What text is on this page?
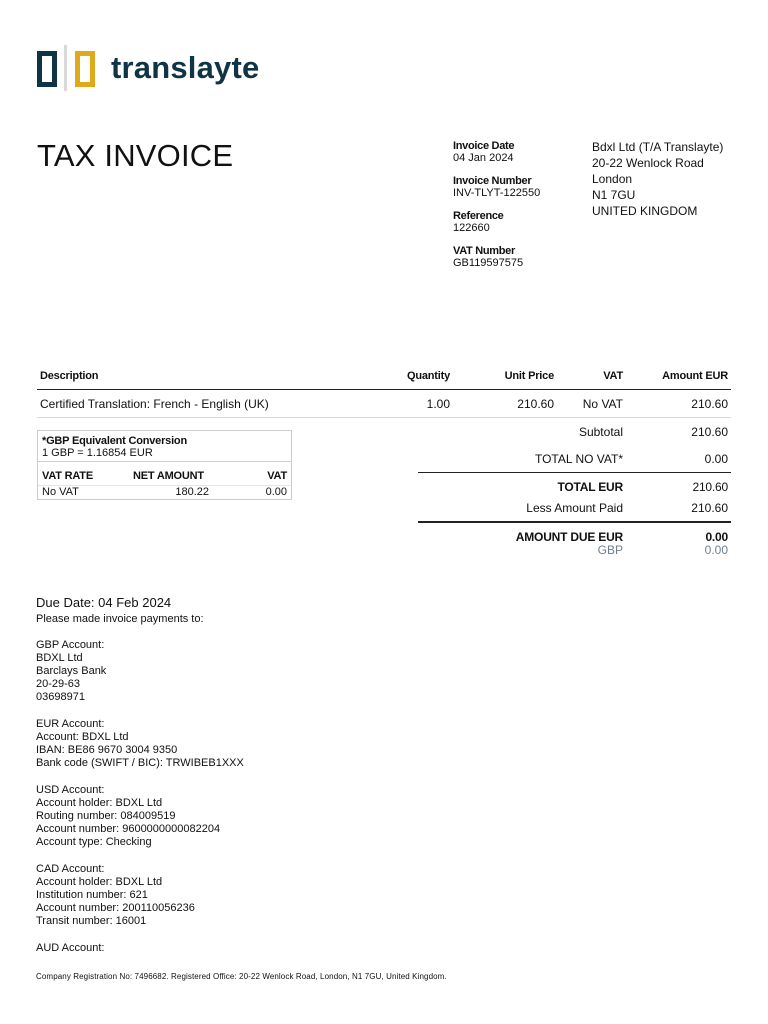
translayte
TAX INVOICE	Invoice Date
04 Jan 2024
Invoice Number
INV-TLYT-122550
Reference
122660
VAT Number
GB119597575
Bdxl Ltd (T/A Translayte)
20-22 Wenlock Road
London
N1 7GU
UNITED KINGDOM
Description	Quantity	Unit Price	VAT	Amount EUR
Certified Translation: French - English (UK)	1.00	210.60 No VAT	210.60
*GBP Equivalent Conversion
1 GBP = 1.16854 EUR
VAT RATE	NET AMOUNT	VAT
No VAT	180.22	0.00
Subtotal	210.60
TOTAL NO VAT*	0.00
TOTAL EUR	210.60
Less Amount Paid	210.60
AMOUNT DUE EUR	0.00
GBP	0.00
Due Date: 04 Feb 2024
Please made invoice payments to:
GBP Account:
BDXL Ltd
Barclays Bank
20-29-63
03698971
EUR Account:
Account: BDXL Ltd
IBAN: BE86 9670 3004 9350
Bank code (SWIFT / BIC): TRWIBEB1XXX
USD Account:
Account holder: BDXL Ltd
Routing number: 084009519
Account number: 9600000000082204
Account type: Checking
CAD Account:
Account holder: BDXL Ltd
Institution number: 621
Account number: 200110056236
Transit number: 16001
AUD Account:
Company Registration No: 7496682. Registered Office: 20-22 Wenlock Road, London, N1 7GU, United Kingdom.
